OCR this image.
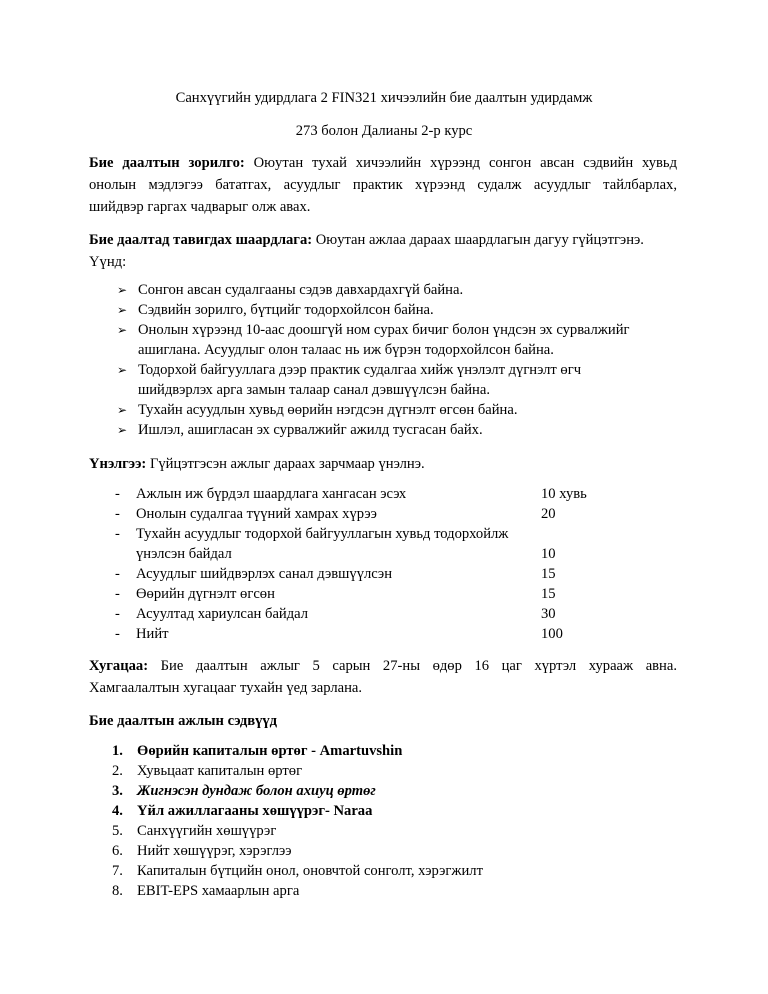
Санхүүгийн удирдлага 2 FIN321 хичээлийн бие даалтын удирдамж
273 болон Далианы 2-р курс
Бие даалтын зорилго: Оюутан тухай хичээлийн хүрээнд сонгон авсан сэдвийн хувьд
онолын мэдлэгээ бататгах, асуудлыг практик хүрээнд судалж асуудлыг тайлбарлах,
шийдвэр гаргах чадварыг олж авах.
Бие даалтад тавигдах шаардлага: Оюутан ажлаа дараах шаардлагын дагуу гүйцэтгэнэ.
Үүнд:
➢ Сонгон авсан судалгааны сэдэв давхардахгүй байна.
➢ Сэдвийн зорилго, бүтцийг тодорхойлсон байна.
➢ Онолын хүрээнд 10-аас доошгүй ном сурах бичиг болон үндсэн эх сурвалжийг
ашиглана. Асуудлыг олон талаас нь иж бүрэн тодорхойлсон байна.
➢ Тодорхой байгууллага дээр практик судалгаа хийж үнэлэлт дүгнэлт өгч
шийдвэрлэх арга замын талаар санал дэвшүүлсэн байна.
➢ Тухайн асуудлын хувьд өөрийн нэгдсэн дүгнэлт өгсөн байна.
➢ Ишлэл, ашигласан эх сурвалжийг ажилд тусгасан байх.
Үнэлгээ: Гүйцэтгэсэн ажлыг дараах зарчмаар үнэлнэ.
- Ажлын иж бүрдэл шаардлага хангасан эсэх	10 хувь
- Онолын судалгаа түүний хамрах хүрээ	20
- Тухайн асуудлыг тодорхой байгууллагын хувьд тодорхойлж
үнэлсэн байдал	10
- Асуудлыг шийдвэрлэх санал дэвшүүлсэн	15
- Өөрийн дүгнэлт өгсөн	15
- Асуултад хариулсан байдал	30
- Нийт	100
Хугацаа: Бие даалтын ажлыг 5 сарын 27-ны өдөр 16 цаг хүртэл хурааж авна.
Хамгаалалтын хугацааг тухайн үед зарлана.
Бие даалтын ажлын сэдвүүд
1. Өөрийн капиталын өртөг - Amartuvshin
2. Хувьцаат капиталын өртөг
3. Жигнэсэн дундаж болон ахиуц өртөг
4. Үйл ажиллагааны хөшүүрэг- Naraa
5. Санхүүгийн хөшүүрэг
6. Нийт хөшүүрэг, хэрэглээ
7. Капиталын бүтцийн онол, оновчтой сонголт, хэрэгжилт
8. EBIT-EPS хамаарлын арга
